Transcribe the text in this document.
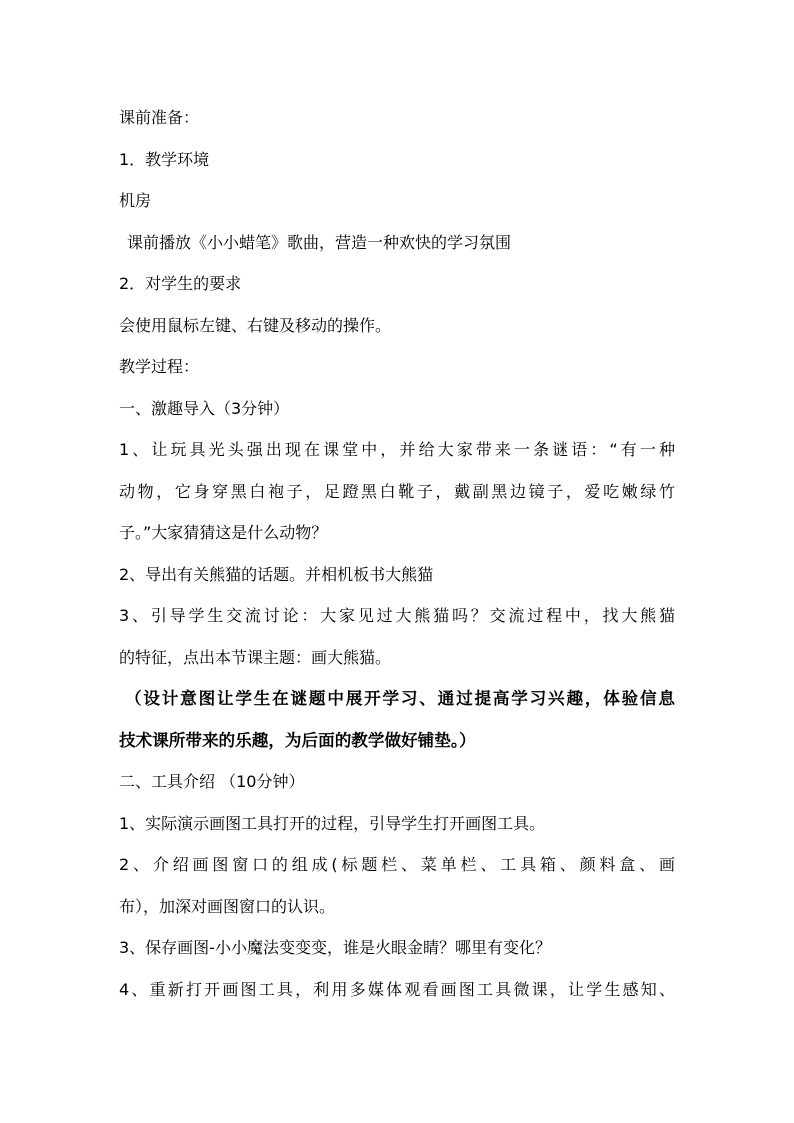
课前准备：
1．教学环境
机房
课前播放《小小蜡笔》歌曲，营造一种欢快的学习氛围
2．对学生的要求
会使用鼠标左键、右键及移动的操作。
教学过程：
一、激趣导入（3分钟）
1、让玩具光头强出现在课堂中，并给大家带来一条谜语：“有一种
动物，它身穿黑白袍子，足蹬黑白靴子，戴副黑边镜子，爱吃嫩绿竹
子。”大家猜猜这是什么动物？
2、导出有关熊猫的话题。并相机板书大熊猫
3、引导学生交流讨论：大家见过大熊猫吗？交流过程中，找大熊猫
的特征，点出本节课主题：画大熊猫。
（设计意图让学生在谜题中展开学习、通过提高学习兴趣，体验信息
技术课所带来的乐趣，为后面的教学做好铺垫。）
二、工具介绍 （10分钟）
1、实际演示画图工具打开的过程，引导学生打开画图工具。
2、介绍画图窗口的组成(标题栏、菜单栏、工具箱、颜料盒、画
布），加深对画图窗口的认识。
3、保存画图-小小魔法变变变，谁是火眼金睛？哪里有变化？
4、重新打开画图工具，利用多媒体观看画图工具微课，让学生感知、
